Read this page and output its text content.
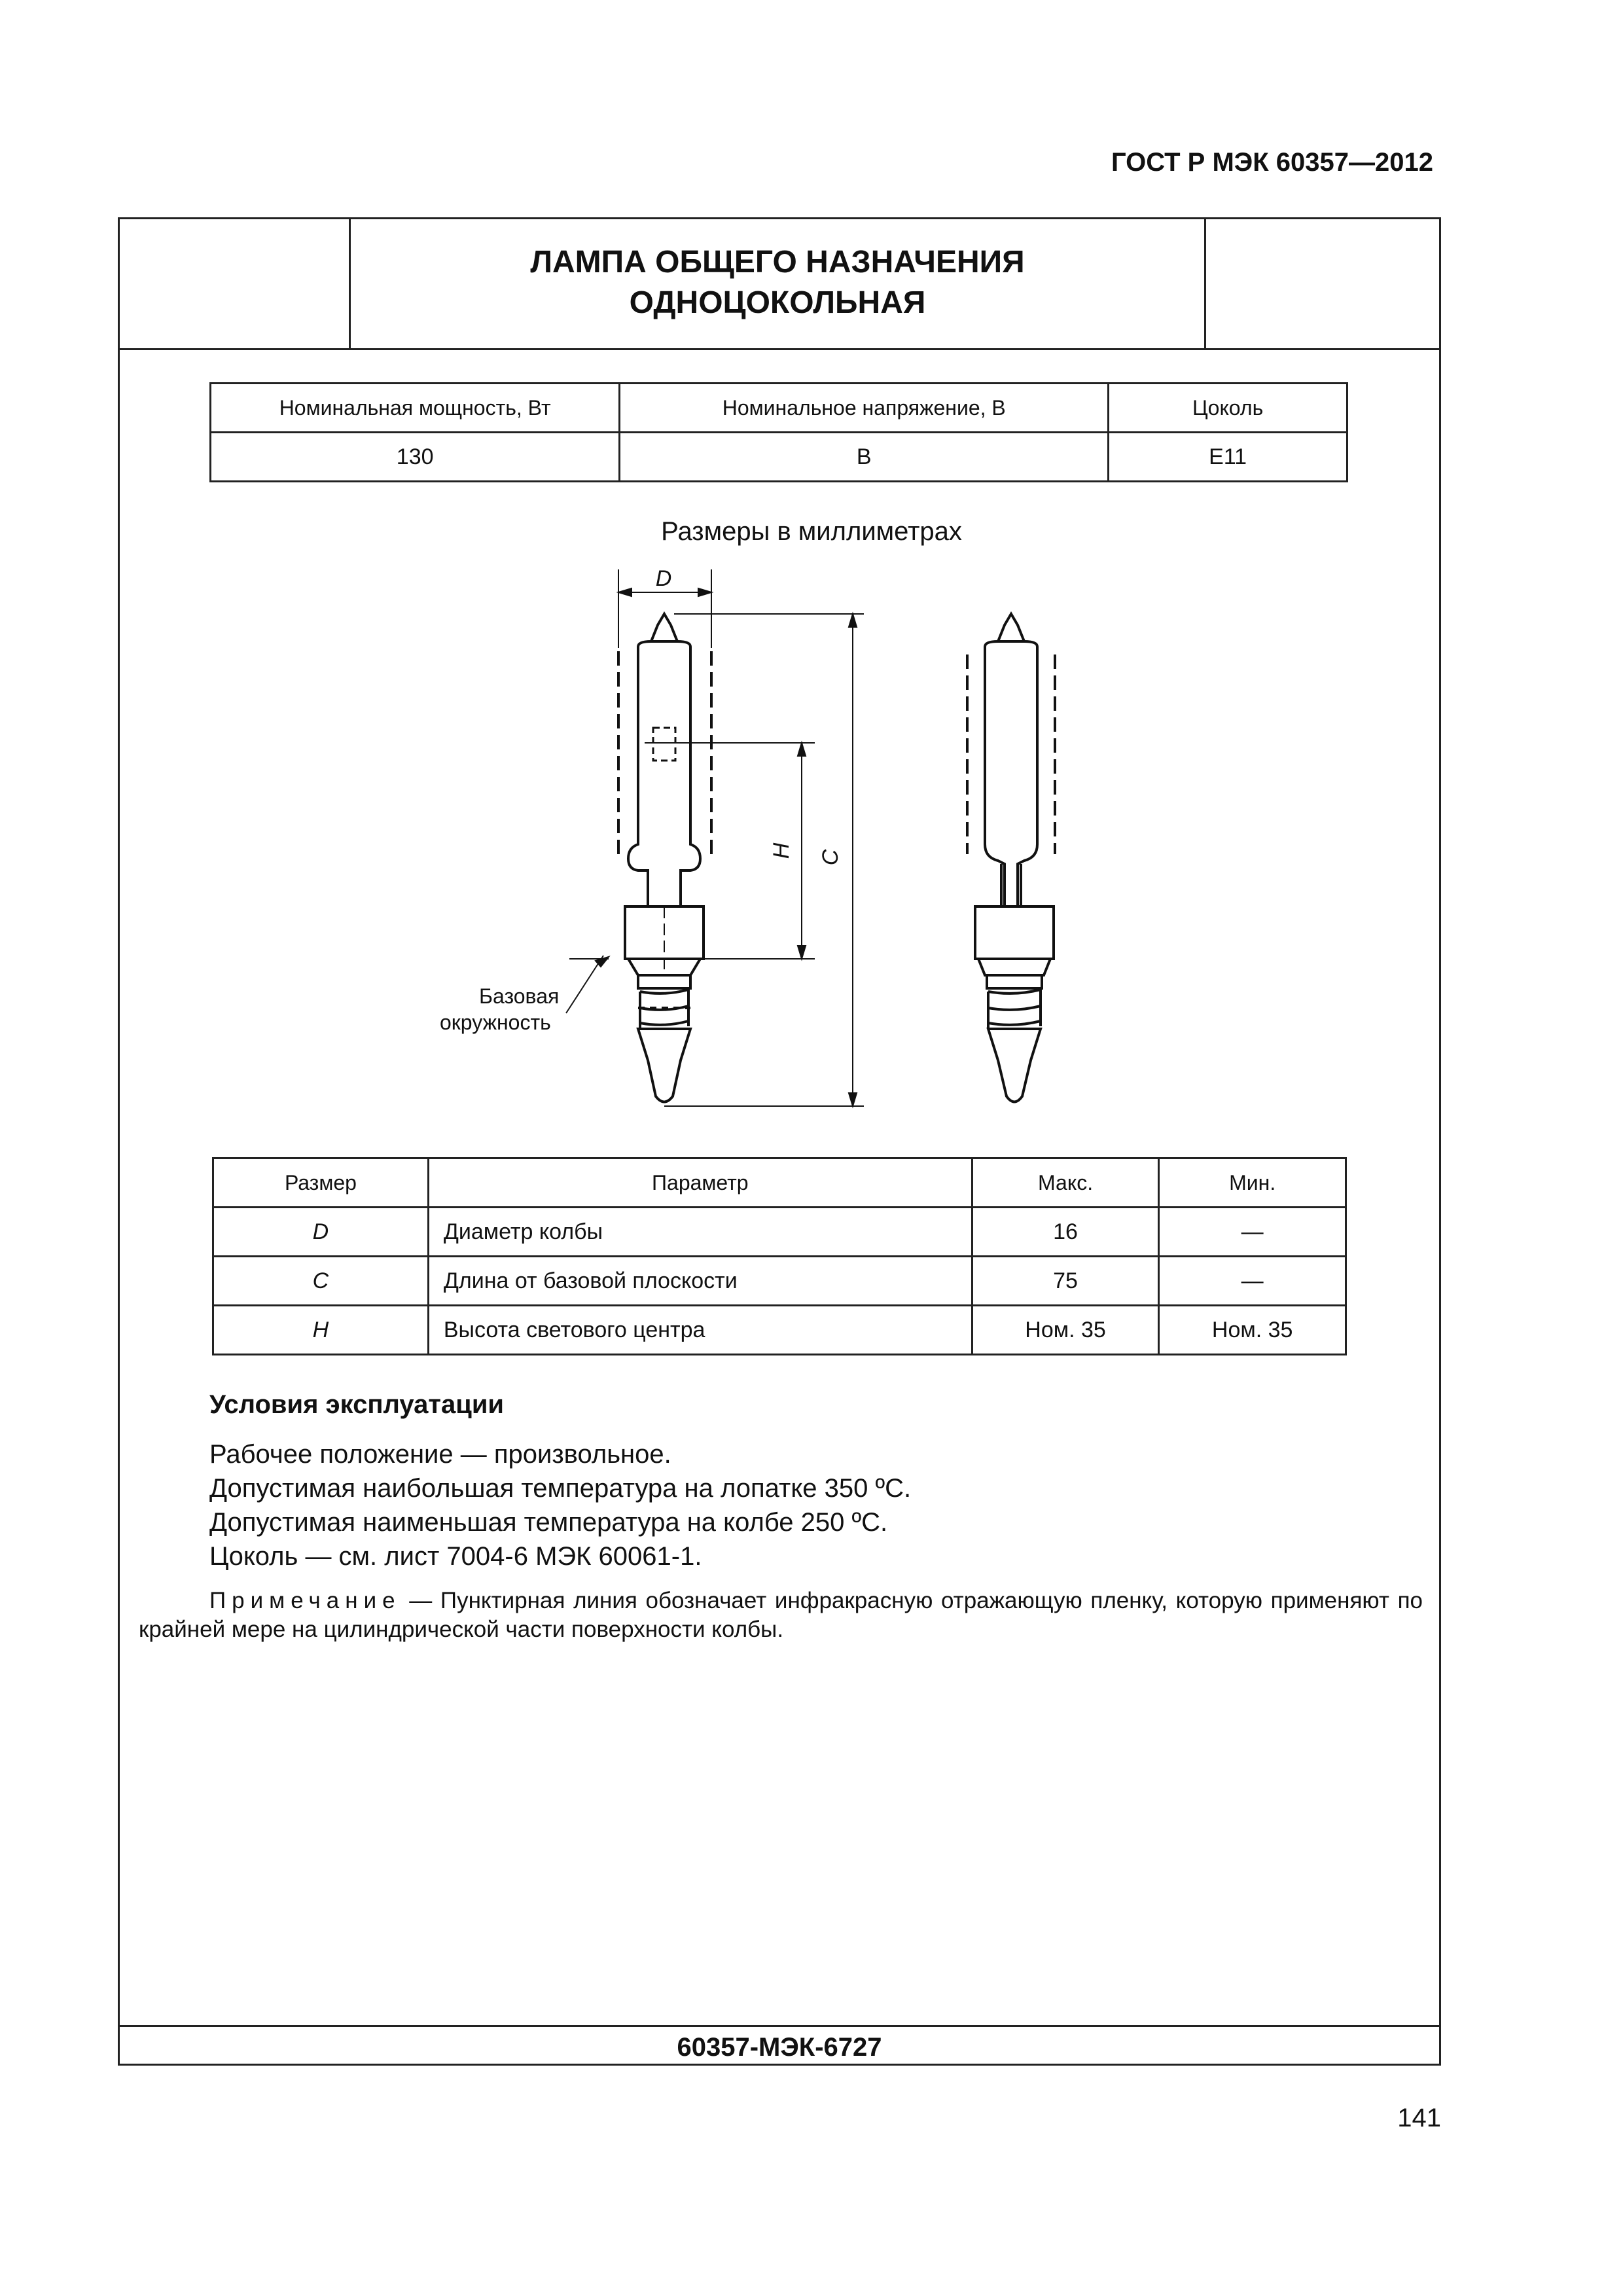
ГОСТ Р МЭК 60357—2012
ЛАМПА ОБЩЕГО НАЗНАЧЕНИЯ
ОДНОЦОКОЛЬНАЯ
Номинальная мощность, Вт	Номинальное напряжение, В	Цоколь
130	В	E11
Размеры в миллиметрах
D
H C
Базовая
окружность
Размер	Параметр	Макс.	Мин.
D	Диаметр колбы	16	—
C	Длина от базовой плоскости	75	—
H	Высота светового центра	Ном. 35	Ном. 35
Условия эксплуатации
Рабочее положение — произвольное.
Допустимая наибольшая температура на лопатке 350 ºС.
Допустимая наименьшая температура на колбе 250 ºС.
Цоколь — см. лист 7004-6 МЭК 60061-1.
Примечание — Пунктирная линия обозначает инфракрасную отражающую пленку, которую применяют по крайней мере на цилиндрической части поверхности колбы.
60357-МЭК-6727
141
